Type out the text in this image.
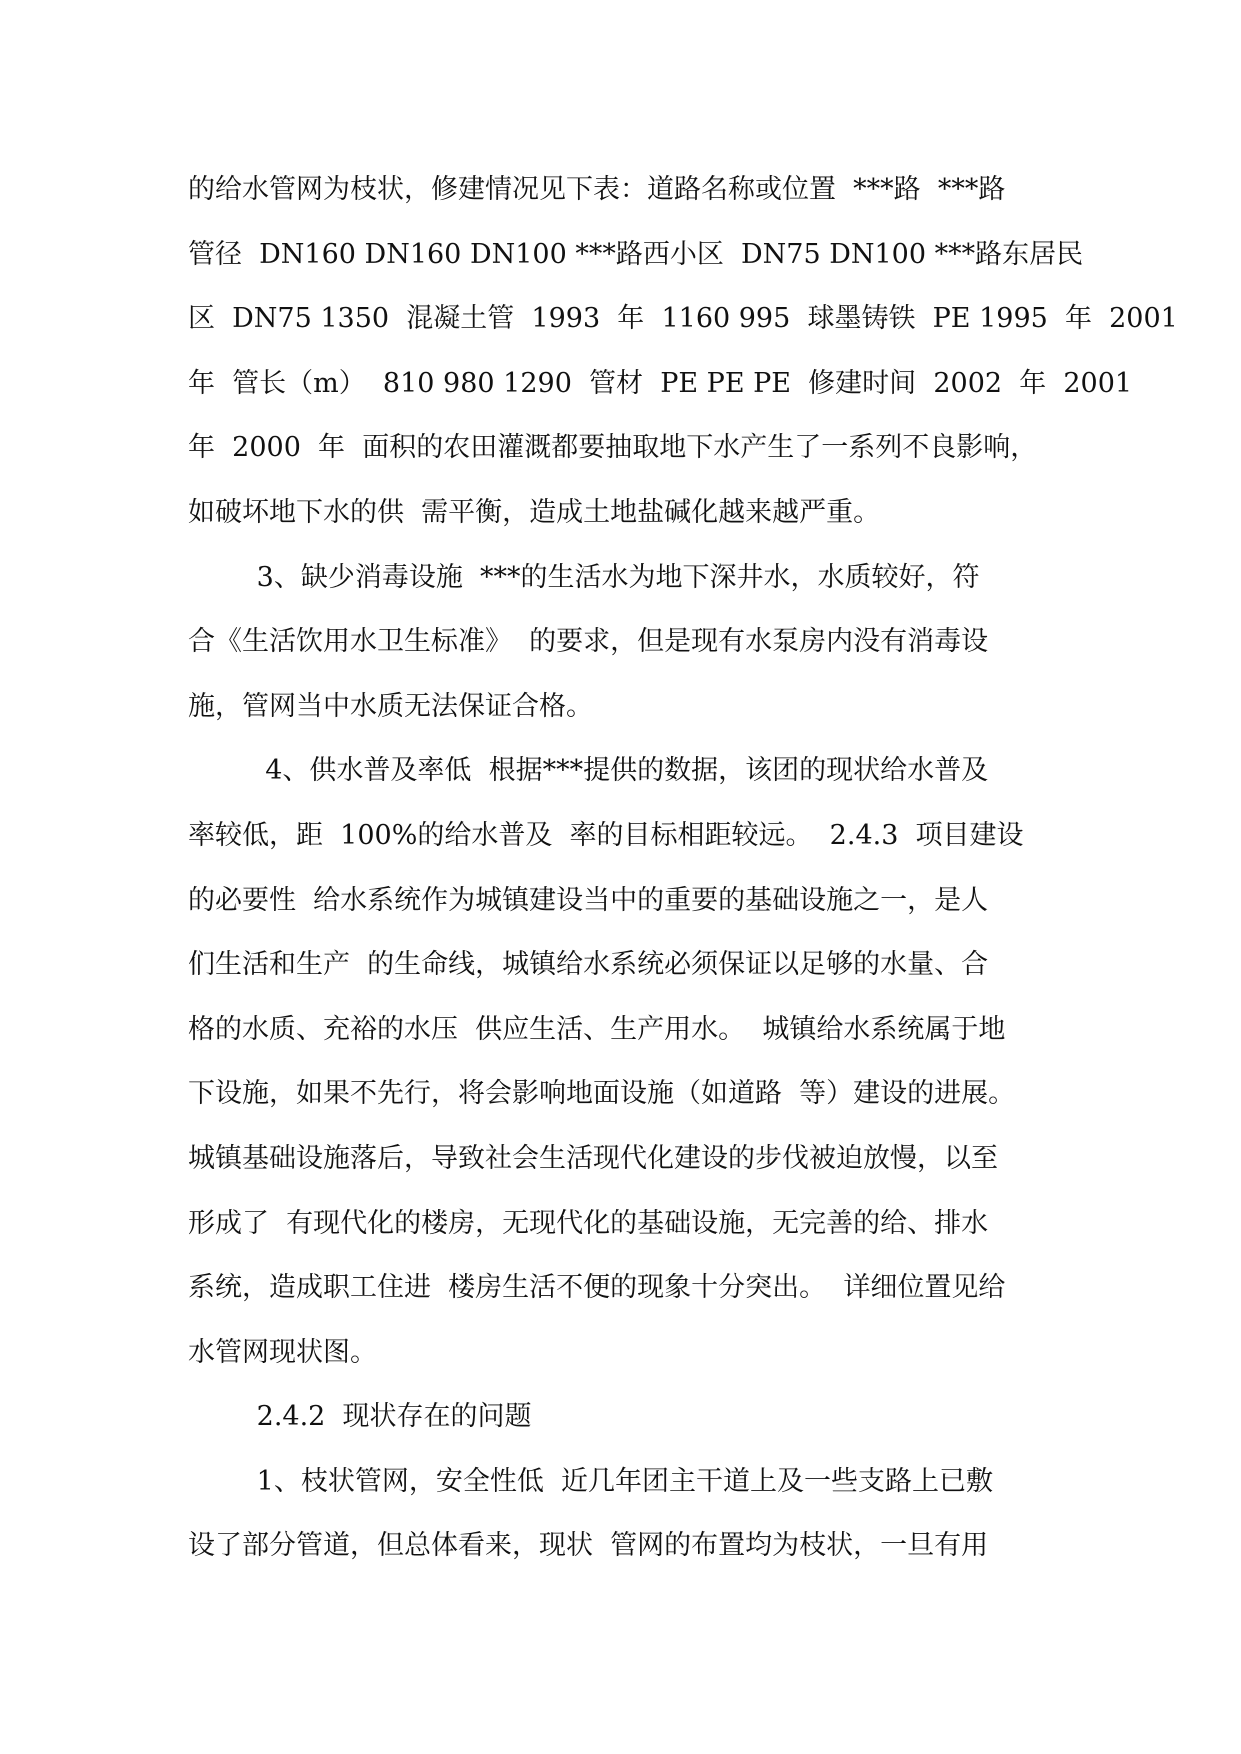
的给水管网为枝状，修建情况见下表：道路名称或位置  ***路  ***路
管径  DN160 DN160 DN100 ***路西小区  DN75 DN100 ***路东居民
区  DN75 1350  混凝土管  1993  年  1160 995  球墨铸铁  PE 1995  年  2001
年  管长（m）  810 980 1290  管材  PE PE PE  修建时间  2002  年  2001
年  2000  年  面积的农田灌溉都要抽取地下水产生了一系列不良影响，
如破坏地下水的供  需平衡，造成土地盐碱化越来越严重。
3、缺少消毒设施  ***的生活水为地下深井水，水质较好，符
合《生活饮用水卫生标准》  的要求，但是现有水泵房内没有消毒设
施，管网当中水质无法保证合格。
4、供水普及率低  根据***提供的数据，该团的现状给水普及
率较低，距  100%的给水普及  率的目标相距较远。  2.4.3  项目建设
的必要性  给水系统作为城镇建设当中的重要的基础设施之一，是人
们生活和生产  的生命线，城镇给水系统必须保证以足够的水量、合
格的水质、充裕的水压  供应生活、生产用水。  城镇给水系统属于地
下设施，如果不先行，将会影响地面设施（如道路  等）建设的进展。
城镇基础设施落后，导致社会生活现代化建设的步伐被迫放慢，以至
形成了  有现代化的楼房，无现代化的基础设施，无完善的给、排水
系统，造成职工住进  楼房生活不便的现象十分突出。  详细位置见给
水管网现状图。
2.4.2  现状存在的问题
1、枝状管网，安全性低  近几年团主干道上及一些支路上已敷
设了部分管道，但总体看来，现状  管网的布置均为枝状，一旦有用
